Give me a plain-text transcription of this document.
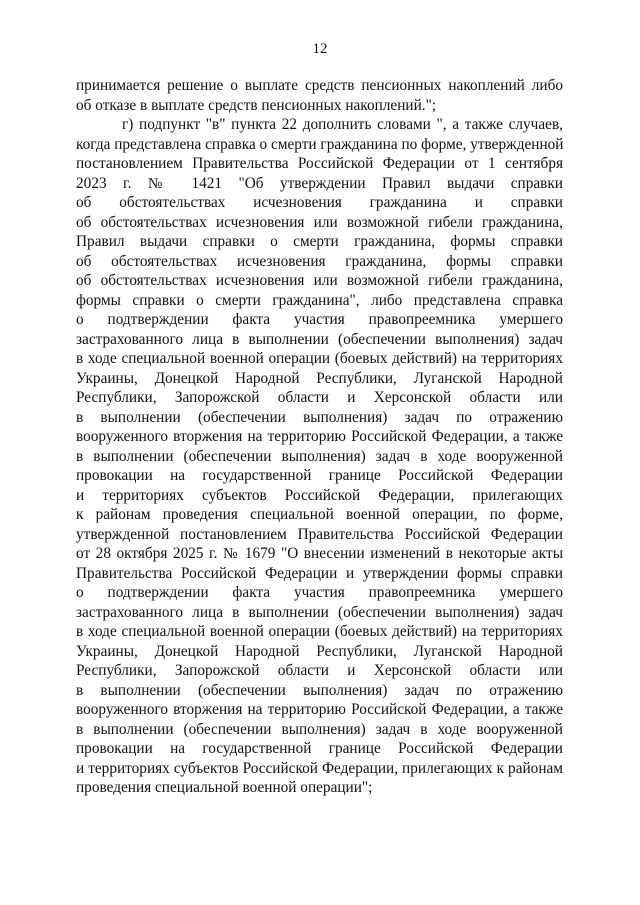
12
принимается решение о выплате средств пенсионных накоплений либо
об отказе в выплате средств пенсионных накоплений.";
г) подпункт "в" пункта 22 дополнить словами ", а также случаев,
когда представлена справка о смерти гражданина по форме, утвержденной
постановлением Правительства Российской Федерации от 1 сентября
2023 г. № 1421 "Об утверждении Правил выдачи справки
об обстоятельствах исчезновения гражданина и справки
об обстоятельствах исчезновения или возможной гибели гражданина,
Правил выдачи справки о смерти гражданина, формы справки
об обстоятельствах исчезновения гражданина, формы справки
об обстоятельствах исчезновения или возможной гибели гражданина,
формы справки о смерти гражданина", либо представлена справка
о подтверждении факта участия правопреемника умершего
застрахованного лица в выполнении (обеспечении выполнения) задач
в ходе специальной военной операции (боевых действий) на территориях
Украины, Донецкой Народной Республики, Луганской Народной
Республики, Запорожской области и Херсонской области или
в выполнении (обеспечении выполнения) задач по отражению
вооруженного вторжения на территорию Российской Федерации, а также
в выполнении (обеспечении выполнения) задач в ходе вооруженной
провокации на государственной границе Российской Федерации
и территориях субъектов Российской Федерации, прилегающих
к районам проведения специальной военной операции, по форме,
утвержденной постановлением Правительства Российской Федерации
от 28 октября 2025 г. № 1679 "О внесении изменений в некоторые акты
Правительства Российской Федерации и утверждении формы справки
о подтверждении факта участия правопреемника умершего
застрахованного лица в выполнении (обеспечении выполнения) задач
в ходе специальной военной операции (боевых действий) на территориях
Украины, Донецкой Народной Республики, Луганской Народной
Республики, Запорожской области и Херсонской области или
в выполнении (обеспечении выполнения) задач по отражению
вооруженного вторжения на территорию Российской Федерации, а также
в выполнении (обеспечении выполнения) задач в ходе вооруженной
провокации на государственной границе Российской Федерации
и территориях субъектов Российской Федерации, прилегающих к районам
проведения специальной военной операции";
